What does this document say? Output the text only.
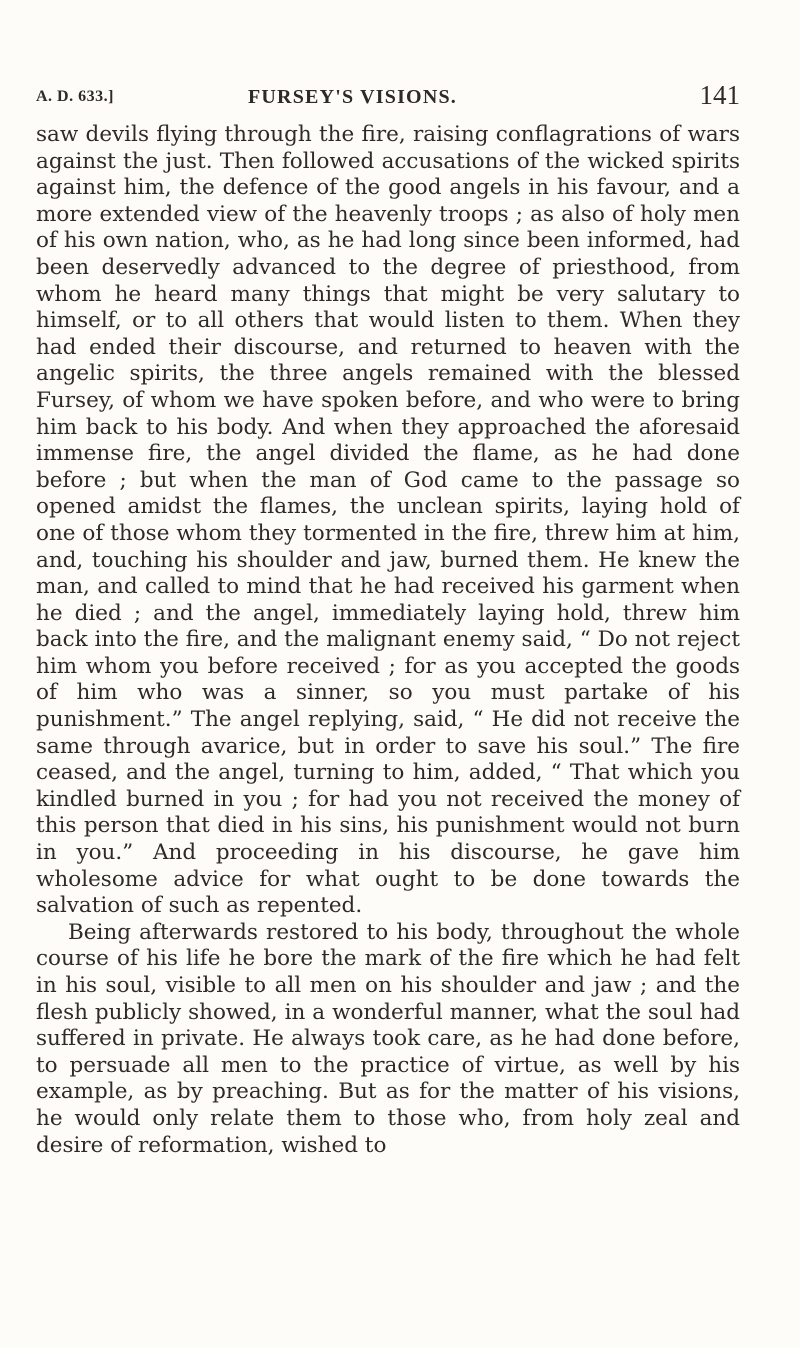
A. D. 633.]	FURSEY'S VISIONS.	141

saw devils flying through the fire, raising conflagrations of wars against the just. Then followed accusations of the wicked spirits against him, the defence of the good angels in his favour, and a more extended view of the heavenly troops ; as also of holy men of his own nation, who, as he had long since been informed, had been deservedly advanced to the degree of priesthood, from whom he heard many things that might be very salutary to himself, or to all others that would listen to them. When they had ended their discourse, and returned to heaven with the angelic spirits, the three angels remained with the blessed Fursey, of whom we have spoken before, and who were to bring him back to his body. And when they approached the aforesaid immense fire, the angel divided the flame, as he had done before ; but when the man of God came to the passage so opened amidst the flames, the unclean spirits, laying hold of one of those whom they tormented in the fire, threw him at him, and, touching his shoulder and jaw, burned them. He knew the man, and called to mind that he had received his garment when he died ; and the angel, immediately laying hold, threw him back into the fire, and the malignant enemy said, “ Do not reject him whom you before received ; for as you accepted the goods of him who was a sinner, so you must partake of his punishment.” The angel replying, said, “ He did not receive the same through avarice, but in order to save his soul.” The fire ceased, and the angel, turning to him, added, “ That which you kindled burned in you ; for had you not received the money of this person that died in his sins, his punishment would not burn in you.” And proceeding in his discourse, he gave him wholesome advice for what ought to be done towards the salvation of such as repented.

Being afterwards restored to his body, throughout the whole course of his life he bore the mark of the fire which he had felt in his soul, visible to all men on his shoulder and jaw ; and the flesh publicly showed, in a wonderful manner, what the soul had suffered in private. He always took care, as he had done before, to persuade all men to the practice of virtue, as well by his example, as by preaching. But as for the matter of his visions, he would only relate them to those who, from holy zeal and desire of reformation, wished to
